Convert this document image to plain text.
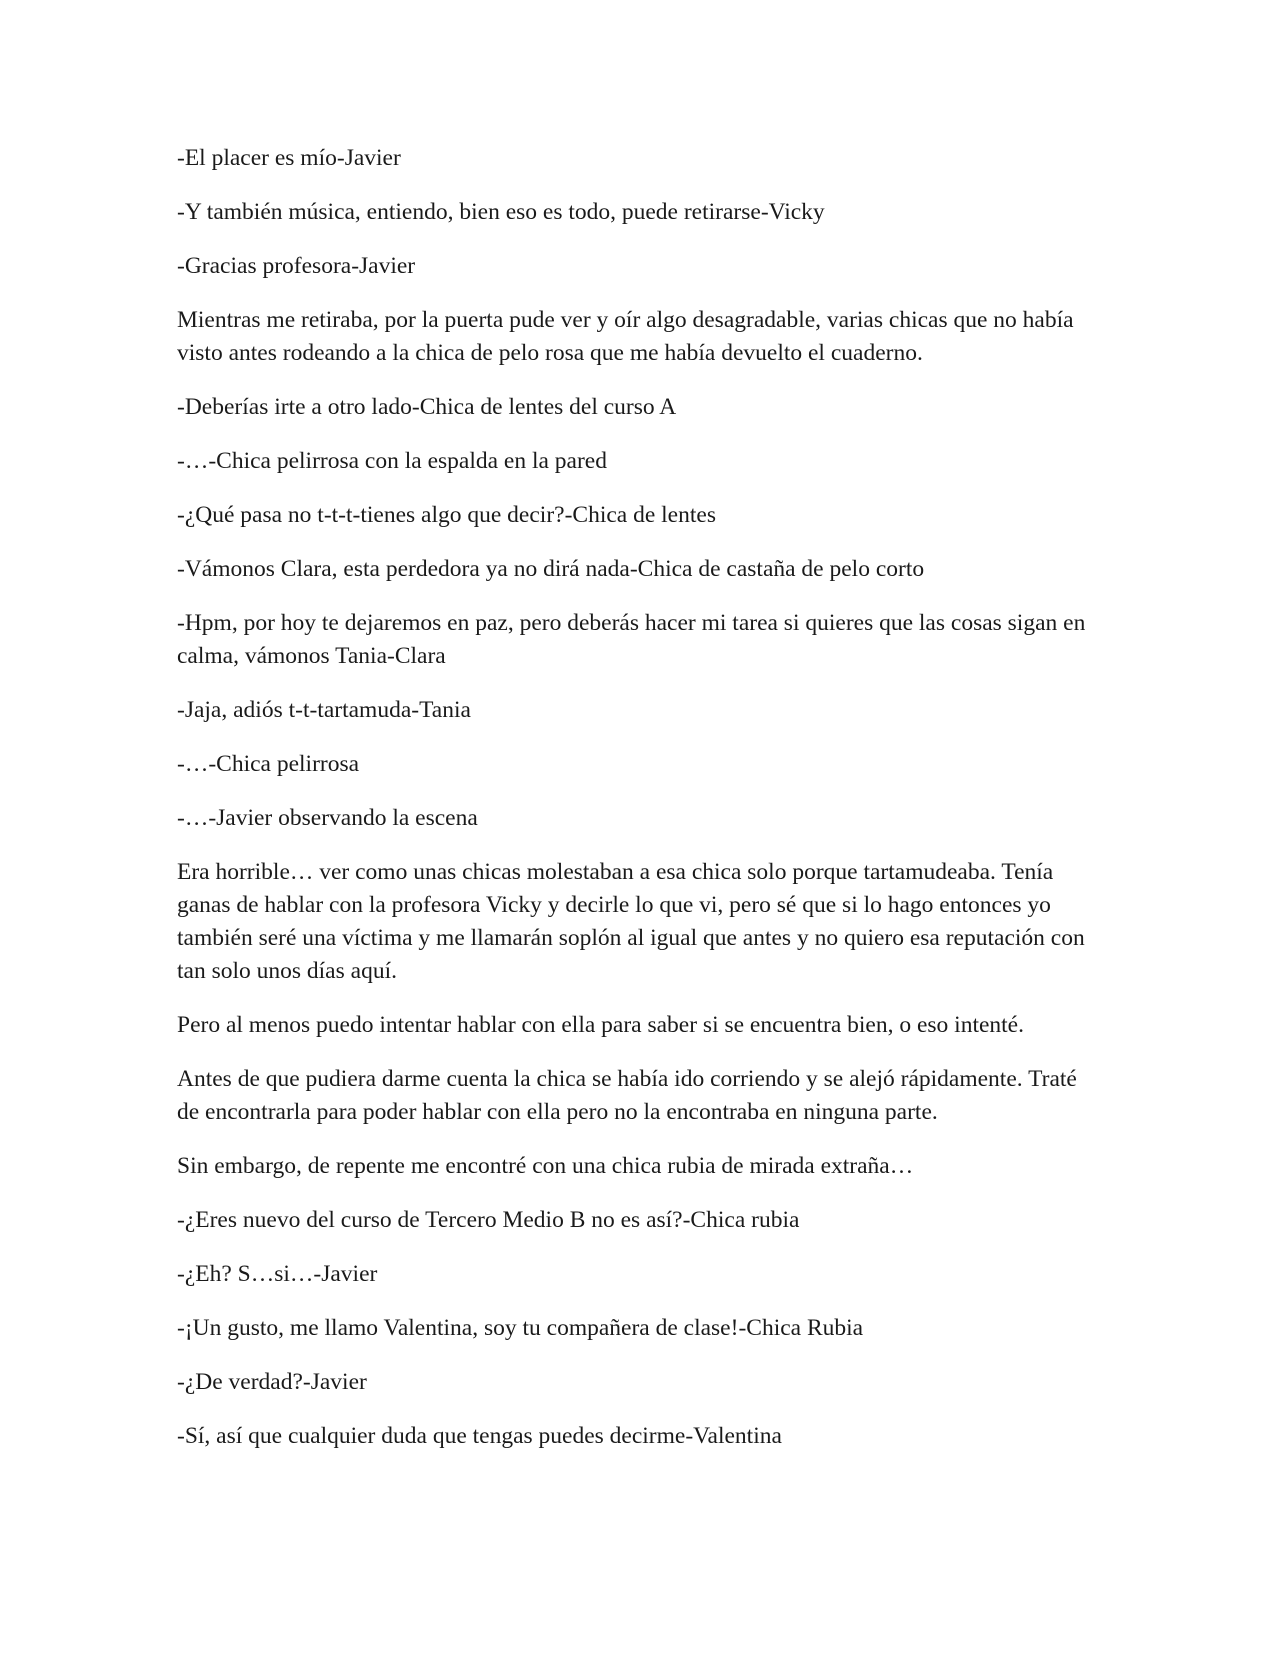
-El placer es mío-Javier

-Y también música, entiendo, bien eso es todo, puede retirarse-Vicky

-Gracias profesora-Javier

Mientras me retiraba, por la puerta pude ver y oír algo desagradable, varias chicas que no había visto antes rodeando a la chica de pelo rosa que me había devuelto el cuaderno.

-Deberías irte a otro lado-Chica de lentes del curso A

-…-Chica pelirrosa con la espalda en la pared

-¿Qué pasa no t-t-t-tienes algo que decir?-Chica de lentes

-Vámonos Clara, esta perdedora ya no dirá nada-Chica de castaña de pelo corto

-Hpm, por hoy te dejaremos en paz, pero deberás hacer mi tarea si quieres que las cosas sigan en calma, vámonos Tania-Clara

-Jaja, adiós t-t-tartamuda-Tania

-…-Chica pelirrosa

-…-Javier observando la escena

Era horrible… ver como unas chicas molestaban a esa chica solo porque tartamudeaba. Tenía ganas de hablar con la profesora Vicky y decirle lo que vi, pero sé que si lo hago entonces yo también seré una víctima y me llamarán soplón al igual que antes y no quiero esa reputación con tan solo unos días aquí.

Pero al menos puedo intentar hablar con ella para saber si se encuentra bien, o eso intenté.

Antes de que pudiera darme cuenta la chica se había ido corriendo y se alejó rápidamente. Traté de encontrarla para poder hablar con ella pero no la encontraba en ninguna parte.

Sin embargo, de repente me encontré con una chica rubia de mirada extraña…

-¿Eres nuevo del curso de Tercero Medio B no es así?-Chica rubia

-¿Eh? S…si…-Javier

-¡Un gusto, me llamo Valentina, soy tu compañera de clase!-Chica Rubia

-¿De verdad?-Javier

-Sí, así que cualquier duda que tengas puedes decirme-Valentina
